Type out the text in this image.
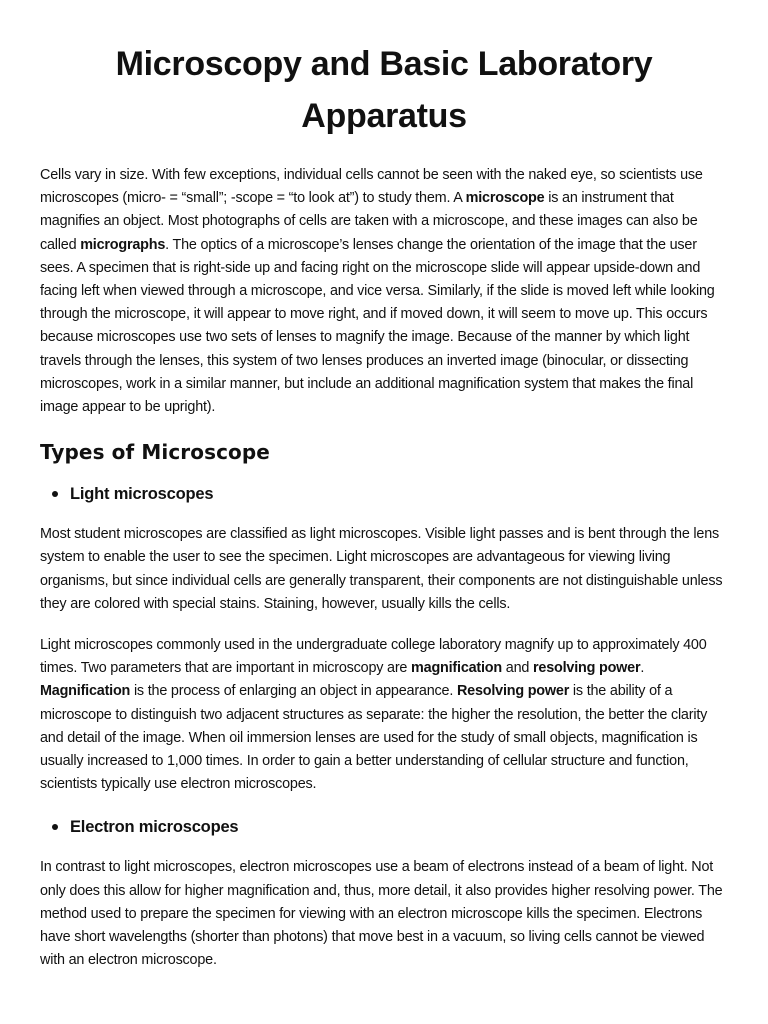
Microscopy and Basic Laboratory Apparatus

Cells vary in size. With few exceptions, individual cells cannot be seen with the naked eye, so scientists use microscopes (micro- = “small”; -scope = “to look at”) to study them. A microscope is an instrument that magnifies an object. Most photographs of cells are taken with a microscope, and these images can also be called micrographs. The optics of a microscope’s lenses change the orientation of the image that the user sees. A specimen that is right-side up and facing right on the microscope slide will appear upside-down and facing left when viewed through a microscope, and vice versa. Similarly, if the slide is moved left while looking through the microscope, it will appear to move right, and if moved down, it will seem to move up. This occurs because microscopes use two sets of lenses to magnify the image. Because of the manner by which light travels through the lenses, this system of two lenses produces an inverted image (binocular, or dissecting microscopes, work in a similar manner, but include an additional magnification system that makes the final image appear to be upright).

Types of Microscope
Light microscopes

Most student microscopes are classified as light microscopes. Visible light passes and is bent through the lens system to enable the user to see the specimen. Light microscopes are advantageous for viewing living organisms, but since individual cells are generally transparent, their components are not distinguishable unless they are colored with special stains. Staining, however, usually kills the cells.

Light microscopes commonly used in the undergraduate college laboratory magnify up to approximately 400 times. Two parameters that are important in microscopy are magnification and resolving power. Magnification is the process of enlarging an object in appearance. Resolving power is the ability of a microscope to distinguish two adjacent structures as separate: the higher the resolution, the better the clarity and detail of the image. When oil immersion lenses are used for the study of small objects, magnification is usually increased to 1,000 times. In order to gain a better understanding of cellular structure and function, scientists typically use electron microscopes.

Electron microscopes

In contrast to light microscopes, electron microscopes use a beam of electrons instead of a beam of light. Not only does this allow for higher magnification and, thus, more detail, it also provides higher resolving power. The method used to prepare the specimen for viewing with an electron microscope kills the specimen. Electrons have short wavelengths (shorter than photons) that move best in a vacuum, so living cells cannot be viewed with an electron microscope.
